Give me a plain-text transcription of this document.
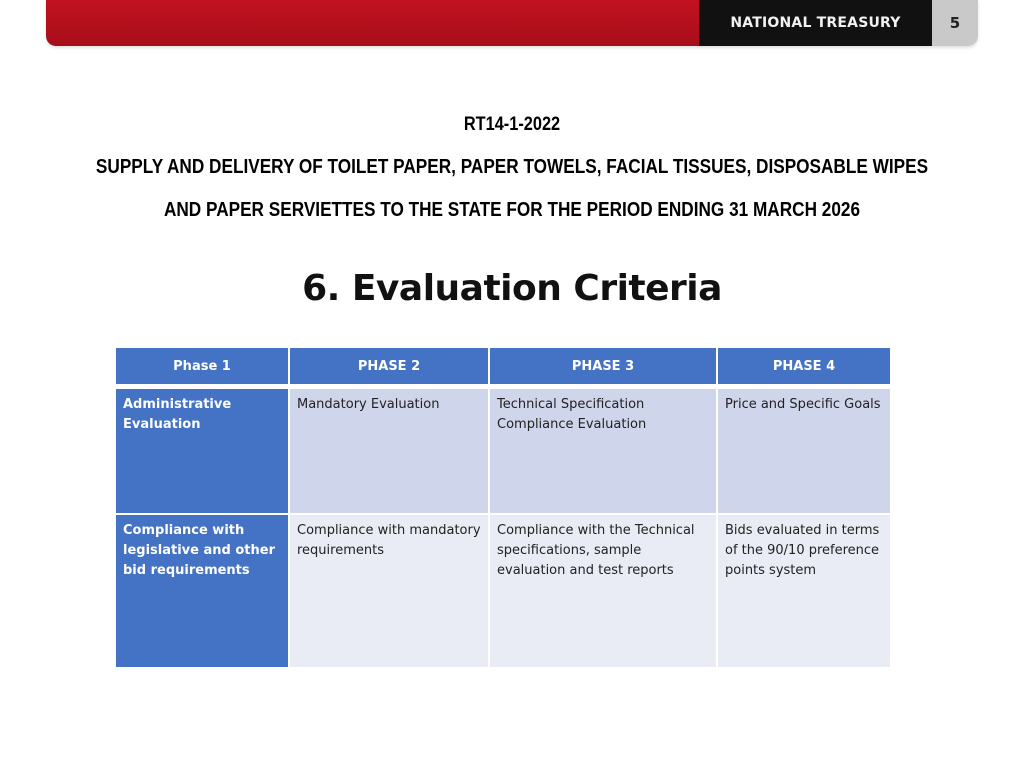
NATIONAL TREASURY	5
RT14-1-2022
SUPPLY AND DELIVERY OF TOILET PAPER, PAPER TOWELS, FACIAL TISSUES, DISPOSABLE WIPES
AND PAPER SERVIETTES TO THE STATE FOR THE PERIOD ENDING 31 MARCH 2026
6. Evaluation Criteria
Phase 1	PHASE 2	PHASE 3	PHASE 4

Administrative Evaluation	Mandatory Evaluation	Technical Specification Compliance Evaluation	Price and Specific Goals

Compliance with legislative and other bid requirements	Compliance with mandatory requirements	Compliance with the Technical specifications, sample evaluation and test reports	Bids evaluated in terms of the 90/10 preference points system
